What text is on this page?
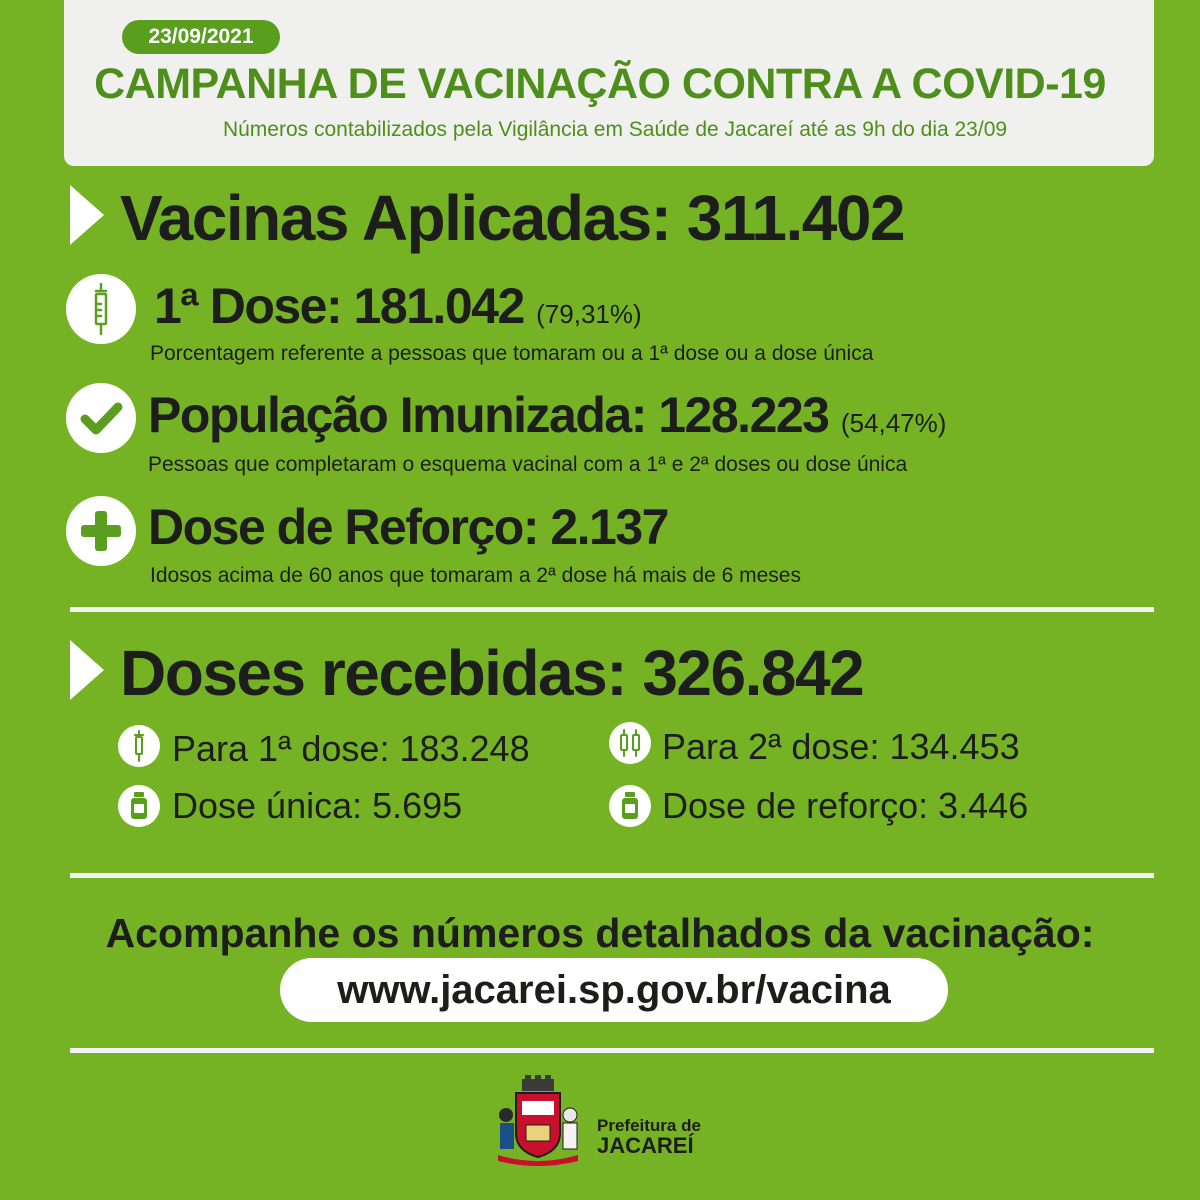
23/09/2021
CAMPANHA DE VACINAÇÃO CONTRA A COVID-19
Números contabilizados pela Vigilância em Saúde de Jacareí até as 9h do dia 23/09
Vacinas Aplicadas: 311.402
1ª Dose: 181.042 (79,31%)
Porcentagem referente a pessoas que tomaram ou a 1ª dose ou a dose única
População Imunizada: 128.223 (54,47%)
Pessoas que completaram o esquema vacinal com a 1ª e 2ª doses ou dose única
Dose de Reforço: 2.137
Idosos acima de 60 anos que tomaram a 2ª dose há mais de 6 meses
Doses recebidas: 326.842
Para 1ª dose: 183.248	Para 2ª dose: 134.453
Dose única: 5.695	Dose de reforço: 3.446
Acompanhe os números detalhados da vacinação:
www.jacarei.sp.gov.br/vacina
Prefeitura de
JACAREÍ
